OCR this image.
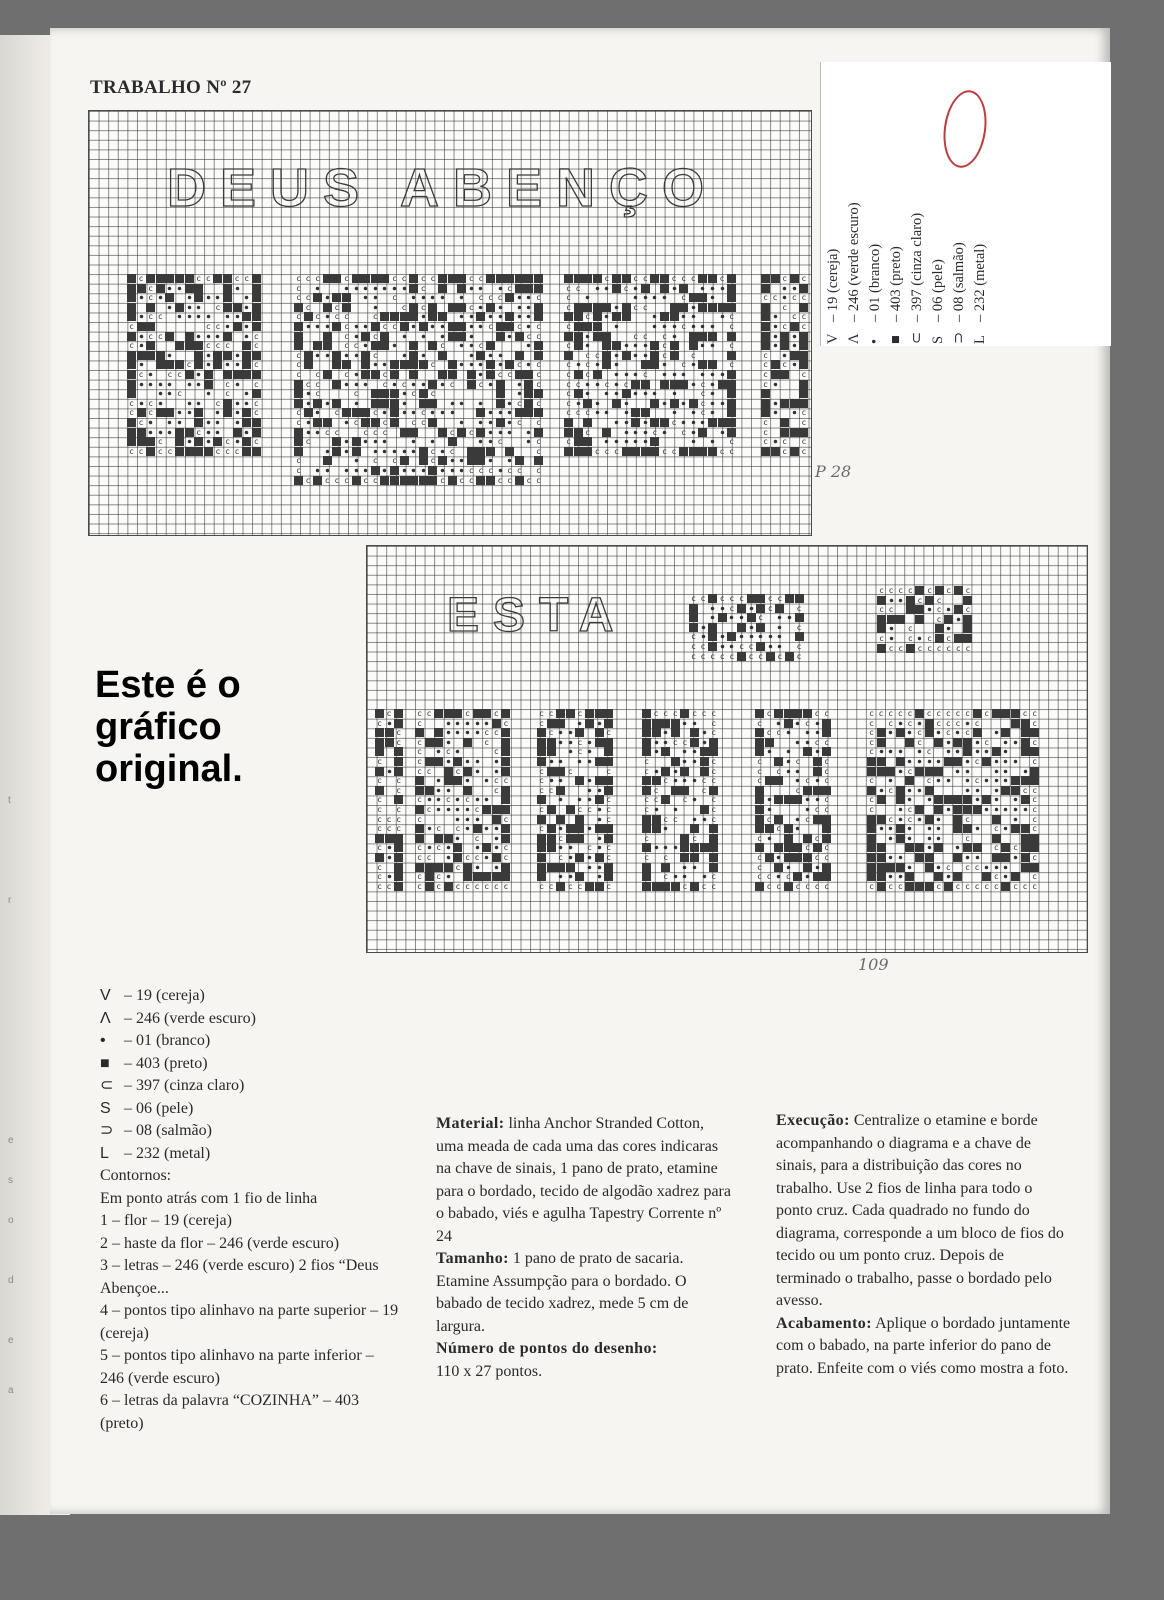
t
r
e
s
o
d
e
a
TRABALHO Nº 27
DEUS ABENÇO
c	c c	c c
c
c
c
c c
c	c c
c c	c
c	c c c	c
c	c
c	c c
c	c
c	c
c c	c	c
c c	c
c
c
c	c	c
c c c c	c c c
c c c	c	c c c c	c c
c	c	c
c c	c	c c c	c
c	c	c c	c
c c c c	c
c	c c	c	c c
c	c	c c
c c	c	c
c	c
c	c	c c
c c	c	c	c c	c
c c	c c	c	c	c
c	c	c c
c c
c	c	c	c
c	c	c	c c	c c
c c	c c c	c c
c	c	c
c c	c
c	c c	c
c	c c c c c c
c c c c c c	c c c	c c c c
c	c c	c c c	c
c c	c
c	c
c	c c
c	c
c	c	c
c c c
c	c	c
c c	c	c
c c	c	c
c c	c
c c	c c	c
c	c
c	c
c c c	c
c
c	c	c
c	c
c c c	c c	c c
c c
c c c c
c
c c
c c
c
c c
c	c
c
c
c	c
c
c c c
c c
P 28
V– 19 (cereja)
Λ– 246 (verde escuro)
•– 01 (branco)
■– 403 (preto)
⊂– 397 (cinza claro)
S– 06 (pele)
⊃– 08 (salmão)
L– 232 (metal)
ESTA
c
c
c
c
c
c c
c
c
c c
c c c
c c c
c
c
c
c c
c c	c	c
c	c
c c
c	c
c	c	c
c
c c	c
c c
c
c	c c
c	c
c	c
c c
c
c c	c
c c	c c	c
c
c c
c c c c c c c c
c c	c
c
c	c
c
c
c	c	c
c
c c
c
c	c c c
c
c
c
c c
c	c
c c c c	c
c c c c c c
c
c
c c
c	c
c	c
c	c c
c	c
c c	c	c
c	c
c c	c
c	c
c c
c	c
c c c
c	c c
c	c
c c
c c
c	c	c
c c	c
c	c c
c
c
c c
c	c
c
c	c
c c
c	c c
c
c c c
c c c c c c
c c c c c c c c c c c	c c
c c c	c c c c	c
c	c	c c
c	c	c	c
c	c
c	c
c
c	c	c
c	c c
c	c
c	c	c
c c	c	c
c	c
c
c c
c
c c c
c	c
c c c	c c c c c c c c c
c c c c c	c c
c	c	c
c
c
c
c c	c c	c
c c c c c c c c c
c c c c c c c
c c
c c	c	c
c
c
c	c c c
c c c c c c c c
109
Este é o gráfico original.
V – 19 (cereja)
Λ – 246 (verde escuro)
• – 01 (branco)
■ – 403 (preto)
⊂ – 397 (cinza claro)
S – 06 (pele)
⊃ – 08 (salmão)
L – 232 (metal)
Contornos:
Em ponto atrás com 1 fio de linha
1 – flor – 19 (cereja)
2 – haste da flor – 246 (verde escuro)
3 – letras – 246 (verde escuro) 2 fios “Deus Abençoe...
4 – pontos tipo alinhavo na parte superior – 19 (cereja)
5 – pontos tipo alinhavo na parte inferior – 246 (verde escuro)
6 – letras da palavra “COZINHA” – 403 (preto)
Material: linha Anchor Stranded Cotton, uma meada de cada uma das cores indicaras na chave de sinais, 1 pano de prato, etamine para o bordado, tecido de algodão xadrez para o babado, viés e agulha Tapestry Corrente nº 24
Tamanho: 1 pano de prato de sacaria.
Etamine Assumpção para o bordado. O babado de tecido xadrez, mede 5 cm de largura.
Número de pontos do desenho:
110 x 27 pontos.
Execução: Centralize o etamine e borde acompanhando o diagrama e a chave de sinais, para a distribuição das cores no trabalho. Use 2 fios de linha para todo o ponto cruz. Cada quadrado no fundo do diagrama, corresponde a um bloco de fios do tecido ou um ponto cruz. Depois de terminado o trabalho, passe o bordado pelo avesso.
Acabamento: Aplique o bordado juntamente com o babado, na parte inferior do pano de prato. Enfeite com o viés como mostra a foto.
